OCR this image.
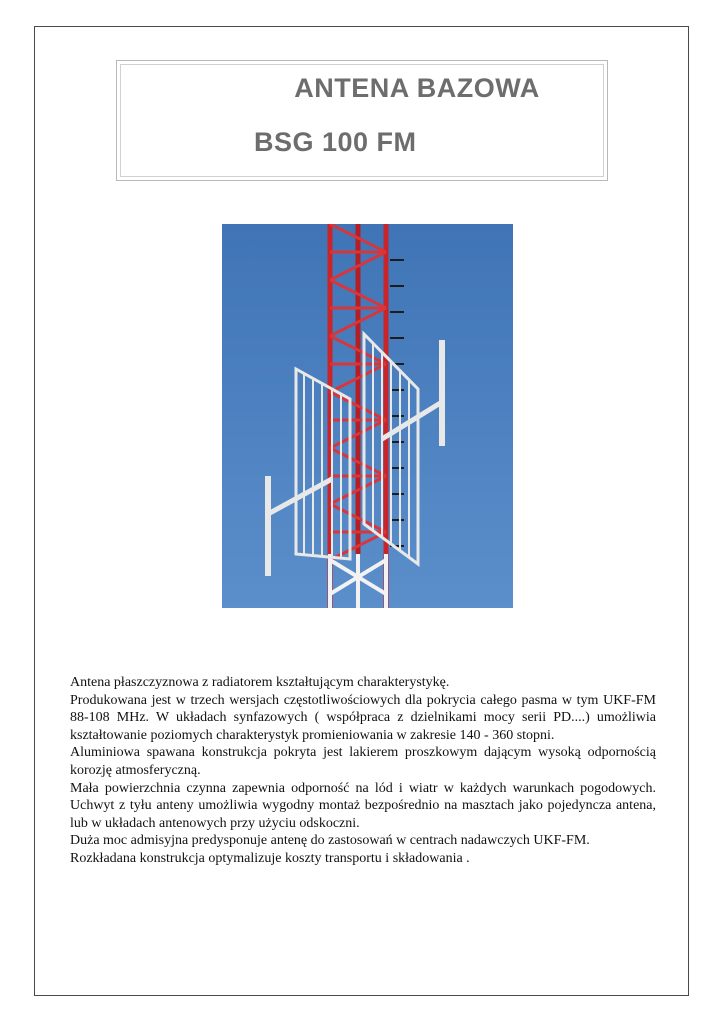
ANTENA BAZOWA
BSG 100 FM

Antena płaszczyznowa z radiatorem kształtującym charakterystykę.

Produkowana jest w trzech wersjach częstotliwościowych dla pokrycia całego pasma w tym UKF-FM 88-108 MHz. W układach synfazowych ( współpraca z dzielnikami mocy serii PD....) umożliwia kształtowanie poziomych charakterystyk promieniowania w zakresie 140 - 360 stopni.

Aluminiowa spawana konstrukcja pokryta jest lakierem proszkowym dającym wysoką odpornością korozję atmosferyczną.

Mała powierzchnia czynna zapewnia odporność na lód i wiatr w każdych warunkach pogodowych. Uchwyt z tyłu anteny umożliwia wygodny montaż bezpośrednio na masztach jako pojedyncza antena, lub w układach antenowych przy użyciu odskoczni.

Duża moc admisyjna predysponuje antenę do zastosowań w centrach nadawczych UKF-FM.

Rozkładana konstrukcja optymalizuje koszty transportu i składowania .
